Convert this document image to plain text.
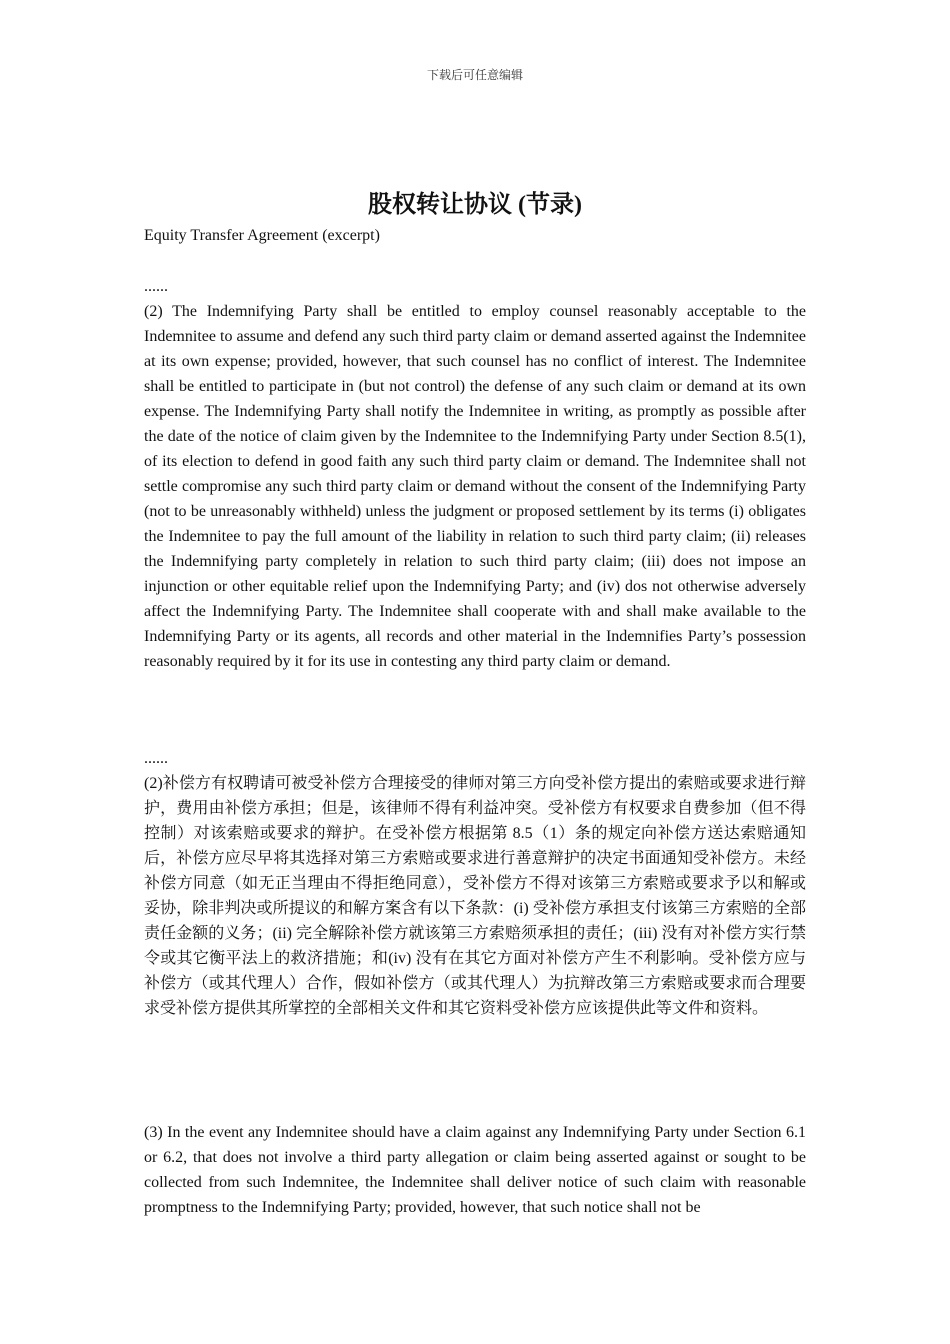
下载后可任意编辑
股权转让协议 (节录)

Equity Transfer Agreement (excerpt)

......

(2) The Indemnifying Party shall be entitled to employ counsel reasonably acceptable to the Indemnitee to assume and defend any such third party claim or demand asserted against the Indemnitee at its own expense; provided, however, that such counsel has no conflict of interest. The Indemnitee shall be entitled to participate in (but not control) the defense of any such claim or demand at its own expense. The Indemnifying Party shall notify the Indemnitee in writing, as promptly as possible after the date of the notice of claim given by the Indemnitee to the Indemnifying Party under Section 8.5(1), of its election to defend in good faith any such third party claim or demand. The Indemnitee shall not settle compromise any such third party claim or demand without the consent of the Indemnifying Party (not to be unreasonably withheld) unless the judgment or proposed settlement by its terms (i) obligates the Indemnitee to pay the full amount of the liability in relation to such third party claim; (ii) releases the Indemnifying party completely in relation to such third party claim; (iii) does not impose an injunction or other equitable relief upon the Indemnifying Party; and (iv) dos not otherwise adversely affect the Indemnifying Party. The Indemnitee shall cooperate with and shall make available to the Indemnifying Party or its agents, all records and other material in the Indemnifies Party’s possession reasonably required by it for its use in contesting any third party claim or demand.

......

(2)补偿方有权聘请可被受补偿方合理接受的律师对第三方向受补偿方提出的索赔或要求进行辩护，费用由补偿方承担；但是，该律师不得有利益冲突。受补偿方有权要求自费参加（但不得控制）对该索赔或要求的辩护。在受补偿方根据第 8.5（1）条的规定向补偿方送达索赔通知后，补偿方应尽早将其选择对第三方索赔或要求进行善意辩护的决定书面通知受补偿方。未经补偿方同意（如无正当理由不得拒绝同意），受补偿方不得对该第三方索赔或要求予以和解或妥协，除非判决或所提议的和解方案含有以下条款：(i) 受补偿方承担支付该第三方索赔的全部责任金额的义务；(ii) 完全解除补偿方就该第三方索赔须承担的责任；(iii) 没有对补偿方实行禁令或其它衡平法上的救济措施；和(iv) 没有在其它方面对补偿方产生不利影响。受补偿方应与补偿方（或其代理人）合作，假如补偿方（或其代理人）为抗辩改第三方索赔或要求而合理要求受补偿方提供其所掌控的全部相关文件和其它资料受补偿方应该提供此等文件和资料。

(3) In the event any Indemnitee should have a claim against any Indemnifying Party under Section 6.1 or 6.2, that does not involve a third party allegation or claim being asserted against or sought to be collected from such Indemnitee, the Indemnitee shall deliver notice of such claim with reasonable promptness to the Indemnifying Party; provided, however, that such notice shall not be
